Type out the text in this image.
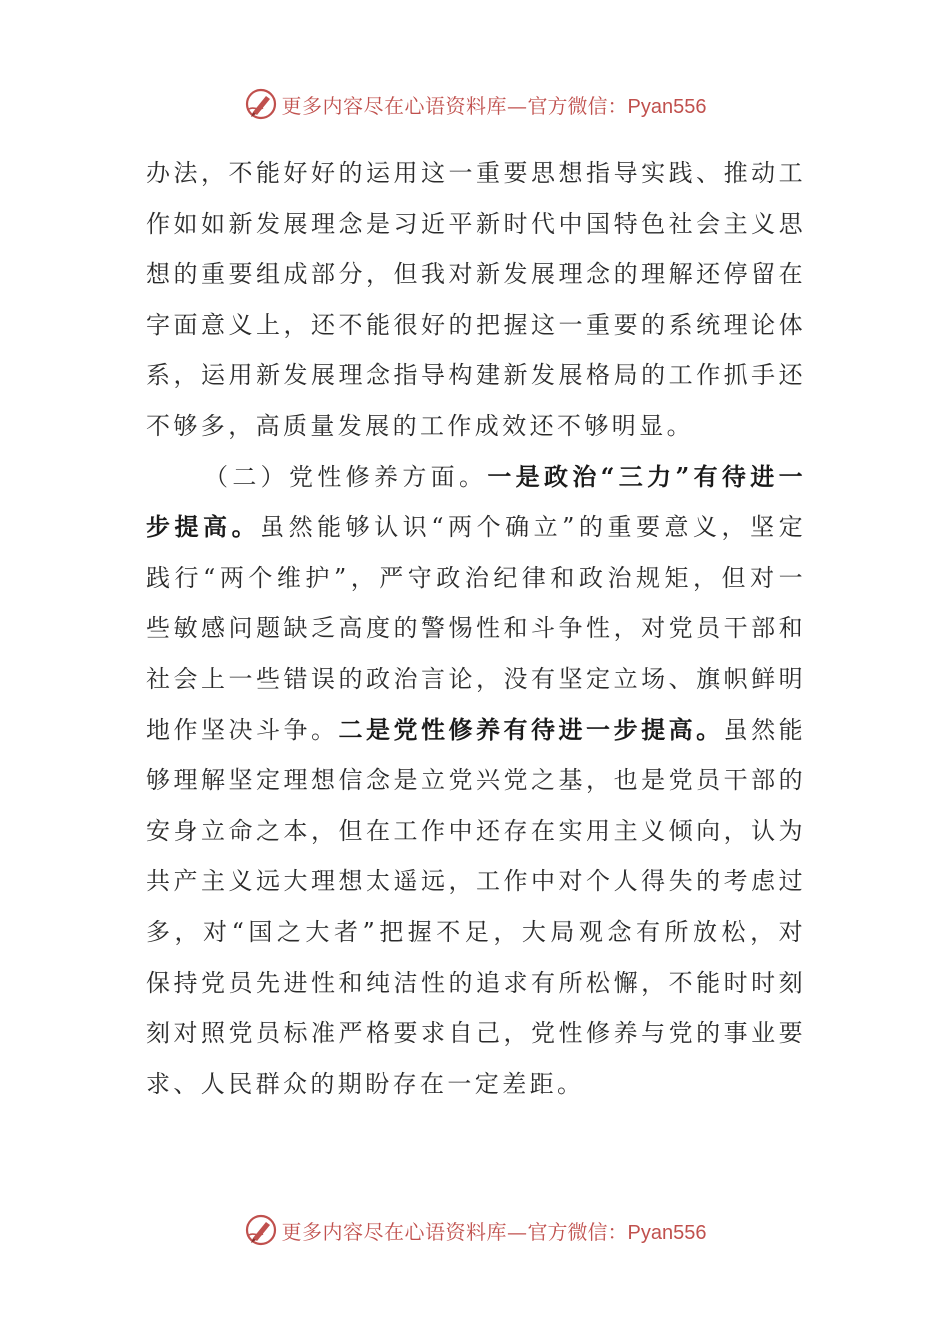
更多内容尽在心语资料库— 官方微信：Pyan556

办法，不能好好的运用这一重要思想指导实践、推动工作如如新发展理念是习近平新时代中国特色社会主义思想的重要组成部分，但我对新发展理念的理解还停留在字面意义上，还不能很好的把握这一重要的系统理论体系，运用新发展理念指导构建新发展格局的工作抓手还不够多，高质量发展的工作成效还不够明显。

（二）党性修养方面。一是政治“三力”有待进一步提高。虽然能够认识“两个确立”的重要意义，坚定践行“两个维护”，严守政治纪律和政治规矩，但对一些敏感问题缺乏高度的警惕性和斗争性，对党员干部和社会上一些错误的政治言论，没有坚定立场、旗帜鲜明地作坚决斗争。二是党性修养有待进一步提高。虽然能够理解坚定理想信念是立党兴党之基，也是党员干部的安身立命之本，但在工作中还存在实用主义倾向，认为共产主义远大理想太遥远，工作中对个人得失的考虑过多，对“国之大者”把握不足，大局观念有所放松，对保持党员先进性和纯洁性的追求有所松懈，不能时时刻刻对照党员标准严格要求自己，党性修养与党的事业要求、人民群众的期盼存在一定差距。

更多内容尽在心语资料库— 官方微信：Pyan556
